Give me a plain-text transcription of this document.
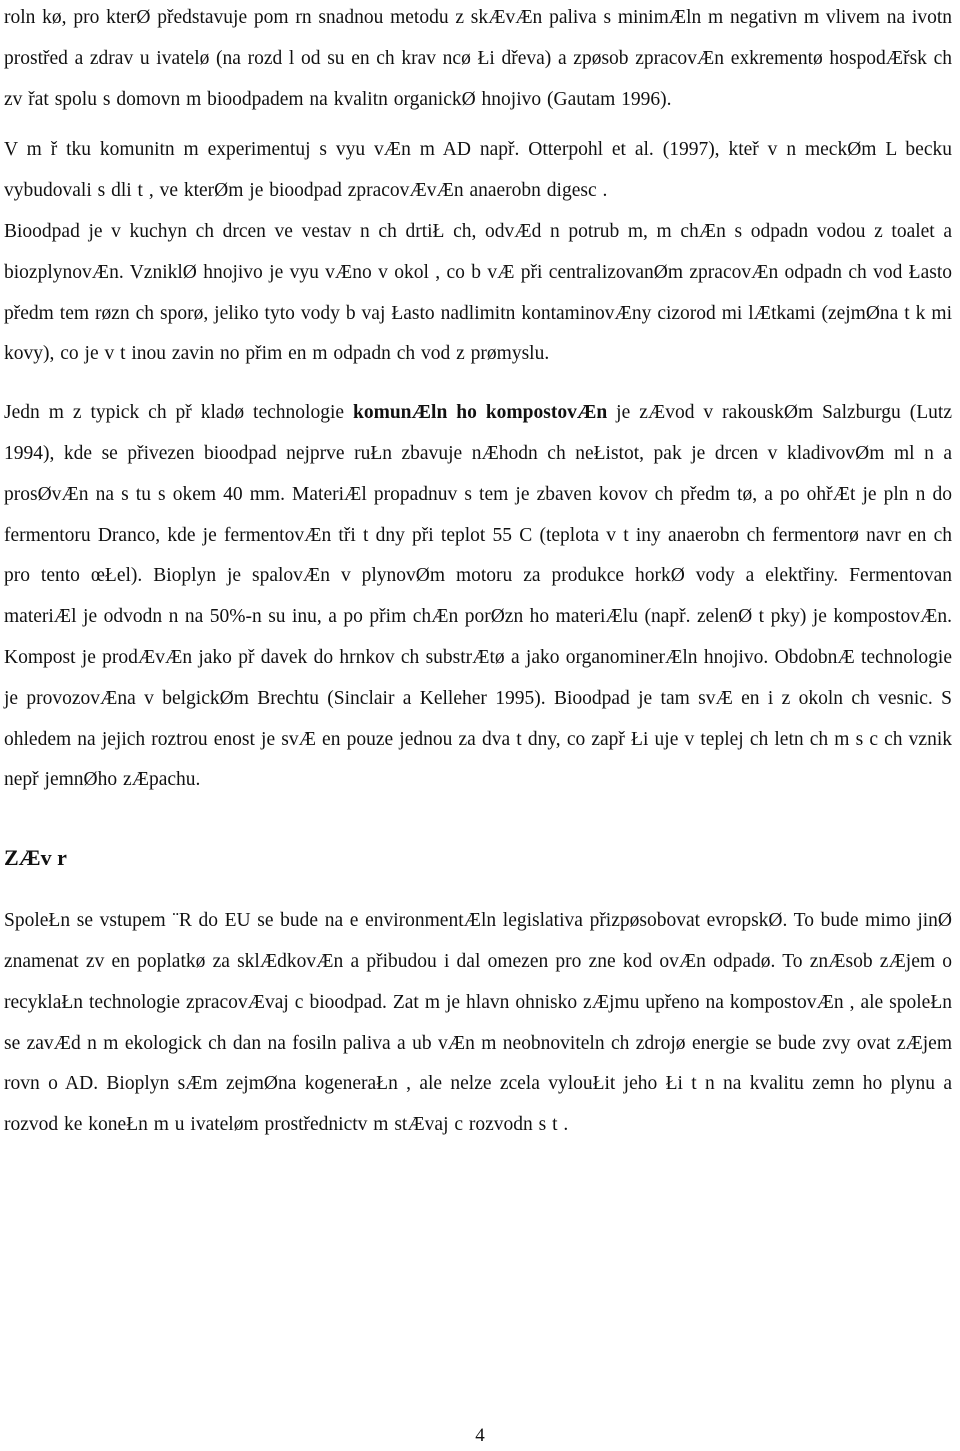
roln kø, pro kterØ představuje pom rn snadnou metodu z skÆvÆn paliva s minimÆln m negativn m vlivem na ivotn prostřed a zdrav u ivatelø (na rozd l od su en ch krav ncø Łi dřeva) a zpøsob zpracovÆn exkrementø hospodÆřsk ch zv řat spolu s domovn m bioodpadem na kvalitn organickØ hnojivo (Gautam 1996).

V m ř tku komunitn m experimentuj s vyu vÆn m AD např. Otterpohl et al. (1997), kteř v n meckØm L becku vybudovali s dli t , ve kterØm je bioodpad zpracovÆvÆn anaerobn digesc .

Bioodpad je v kuchyn ch drcen ve vestav n ch drtiŁ ch, odvÆd n potrub m, m chÆn s odpadn vodou z toalet a biozplynovÆn. VzniklØ hnojivo je vyu vÆno v okol , co b vÆ při centralizovanØm zpracovÆn odpadn ch vod Łasto předm tem røzn ch sporø, jeliko tyto vody b vaj Łasto nadlimitn kontaminovÆny cizorod mi lÆtkami (zejmØna t k mi kovy), co je v t inou zavin no přim en m odpadn ch vod z prømyslu.

Jedn m z typick ch př kladø technologie komunÆln ho kompostovÆn je zÆvod v rakouskØm Salzburgu (Lutz 1994), kde se přivezen bioodpad nejprve ruŁn zbavuje nÆhodn ch neŁistot, pak je drcen v kladivovØm ml n a prosØvÆn na s tu s okem 40 mm. MateriÆl propadnuv s tem je zbaven kovov ch předm tø, a po ohřÆt je pln n do fermentoru Dranco, kde je fermentovÆn tři t dny při teplot 55 C (teplota v t iny anaerobn ch fermentorø navr en ch pro tento œŁel). Bioplyn je spalovÆn v plynovØm motoru za produkce horkØ vody a elektřiny. Fermentovan materiÆl je odvodn n na 50%-n su inu, a po přim chÆn porØzn ho materiÆlu (např. zelenØ t pky) je kompostovÆn. Kompost je prodÆvÆn jako př davek do hrnkov ch substrÆtø a jako organominerÆln hnojivo. ObdobnÆ technologie je provozovÆna v belgickØm Brechtu (Sinclair a Kelleher 1995). Bioodpad je tam svÆ en i z okoln ch vesnic. S ohledem na jejich roztrou enost je svÆ en pouze jednou za dva t dny, co zapř Łi uje v teplej ch letn ch m s c ch vznik nepř jemnØho zÆpachu.

ZÆv r

SpoleŁn se vstupem ¨R do EU se bude na e environmentÆln legislativa přizpøsobovat evropskØ. To bude mimo jinØ znamenat zv en poplatkø za sklÆdkovÆn a přibudou i dal omezen pro zne kod ovÆn odpadø. To znÆsob zÆjem o recyklaŁn technologie zpracovÆvaj c bioodpad. Zat m je hlavn ohnisko zÆjmu upřeno na kompostovÆn , ale spoleŁn se zavÆd n m ekologick ch dan na fosiln paliva a ub vÆn m neobnoviteln ch zdrojø energie se bude zvy ovat zÆjem rovn o AD. Bioplyn sÆm zejmØna kogeneraŁn , ale nelze zcela vylouŁit jeho Łi t n na kvalitu zemn ho plynu a rozvod ke koneŁn m u ivateløm prostřednictv m stÆvaj c rozvodn s t .

4
